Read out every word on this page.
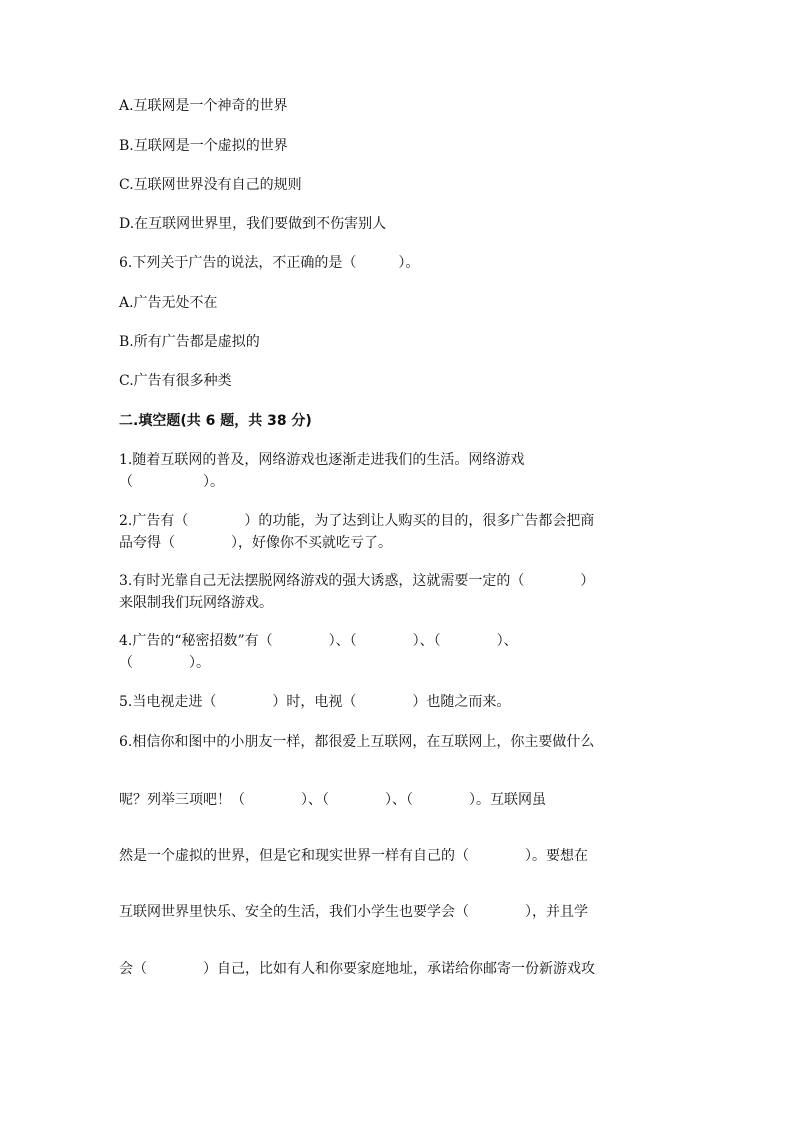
A.互联网是一个神奇的世界
B.互联网是一个虚拟的世界
C.互联网世界没有自己的规则
D.在互联网世界里，我们要做到不伤害别人
6.下列关于广告的说法，不正确的是（　　　）。
A.广告无处不在
B.所有广告都是虚拟的
C.广告有很多种类
二.填空题(共 6 题，共 38 分)
1.随着互联网的普及，网络游戏也逐渐走进我们的生活。网络游戏
（　　　　　）。
2.广告有（　　　　）的功能，为了达到让人购买的目的，很多广告都会把商
品夸得（　　　　），好像你不买就吃亏了。
3.有时光靠自己无法摆脱网络游戏的强大诱惑，这就需要一定的（　　　　）
来限制我们玩网络游戏。
4.广告的“秘密招数”有（　　　　）、（　　　　）、（　　　　）、
（　　　　）。
5.当电视走进（　　　　）时，电视（　　　　）也随之而来。
6.相信你和图中的小朋友一样，都很爱上互联网，在互联网上，你主要做什么
呢？列举三项吧！（　　　　）、（　　　　）、（　　　　）。互联网虽
然是一个虚拟的世界，但是它和现实世界一样有自己的（　　　　）。要想在
互联网世界里快乐、安全的生活，我们小学生也要学会（　　　　），并且学
会（　　　　）自己，比如有人和你要家庭地址，承诺给你邮寄一份新游戏攻
